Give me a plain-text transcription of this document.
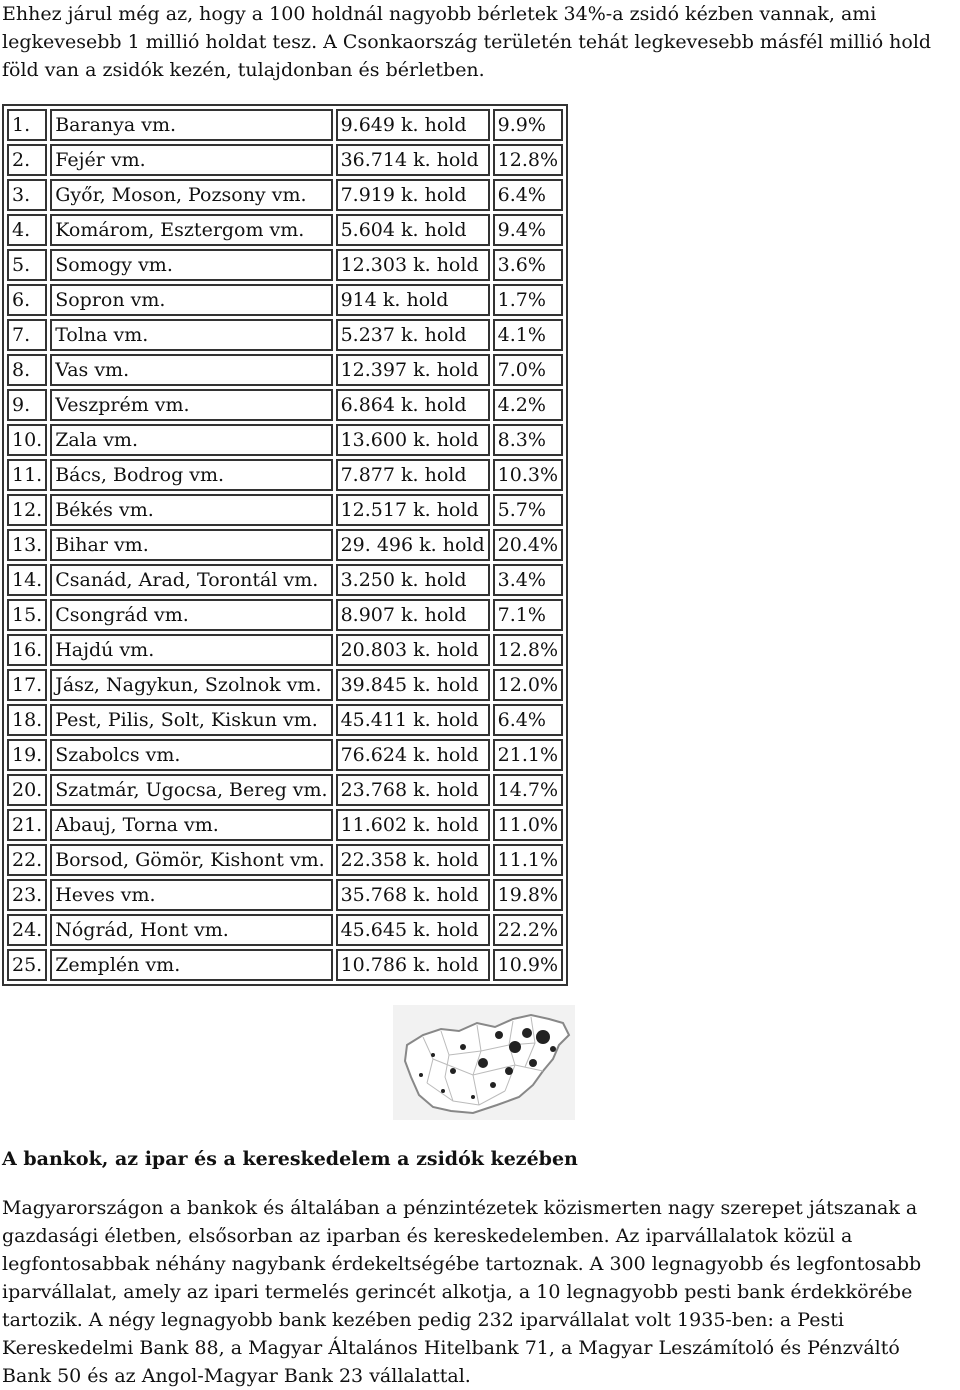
Ehhez járul még az, hogy a 100 holdnál nagyobb bérletek 34%-a zsidó kézben vannak, ami legkevesebb 1 millió holdat tesz. A Csonkaország területén tehát legkevesebb másfél millió hold föld van a zsidók kezén, tulajdonban és bérletben.
1.	Baranya vm.	9.649 k. hold	9.9%
2.	Fejér vm.	36.714 k. hold	12.8%
3.	Győr, Moson, Pozsony vm.	7.919 k. hold	6.4%
4.	Komárom, Esztergom vm.	5.604 k. hold	9.4%
5.	Somogy vm.	12.303 k. hold	3.6%
6.	Sopron vm.	914 k. hold	1.7%
7.	Tolna vm.	5.237 k. hold	4.1%
8.	Vas vm.	12.397 k. hold	7.0%
9.	Veszprém vm.	6.864 k. hold	4.2%
10.	Zala vm.	13.600 k. hold	8.3%
11.	Bács, Bodrog vm.	7.877 k. hold	10.3%
12.	Békés vm.	12.517 k. hold	5.7%
13.	Bihar vm.	29. 496 k. hold	20.4%
14.	Csanád, Arad, Torontál vm.	3.250 k. hold	3.4%
15.	Csongrád vm.	8.907 k. hold	7.1%
16.	Hajdú vm.	20.803 k. hold	12.8%
17.	Jász, Nagykun, Szolnok vm.	39.845 k. hold	12.0%
18.	Pest, Pilis, Solt, Kiskun vm.	45.411 k. hold	6.4%
19.	Szabolcs vm.	76.624 k. hold	21.1%
20.	Szatmár, Ugocsa, Bereg vm.	23.768 k. hold	14.7%
21.	Abauj, Torna vm.	11.602 k. hold	11.0%
22.	Borsod, Gömör, Kishont vm.	22.358 k. hold	11.1%
23.	Heves vm.	35.768 k. hold	19.8%
24.	Nógrád, Hont vm.	45.645 k. hold	22.2%
25.	Zemplén vm.	10.786 k. hold	10.9%
A bankok, az ipar és a kereskedelem a zsidók kezében
Magyarországon a bankok és általában a pénzintézetek közismerten nagy szerepet játszanak a gazdasági életben, elsősorban az iparban és kereskedelemben. Az iparvállalatok közül a legfontosabbak néhány nagybank érdekeltségébe tartoznak. A 300 legnagyobb és legfontosabb iparvállalat, amely az ipari termelés gerincét alkotja, a 10 legnagyobb pesti bank érdekkörébe tartozik. A négy legnagyobb bank kezében pedig 232 iparvállalat volt 1935-ben: a Pesti Kereskedelmi Bank 88, a Magyar Általános Hitelbank 71, a Magyar Leszámítoló és Pénzváltó Bank 50 és az Angol-Magyar Bank 23 vállalattal.
